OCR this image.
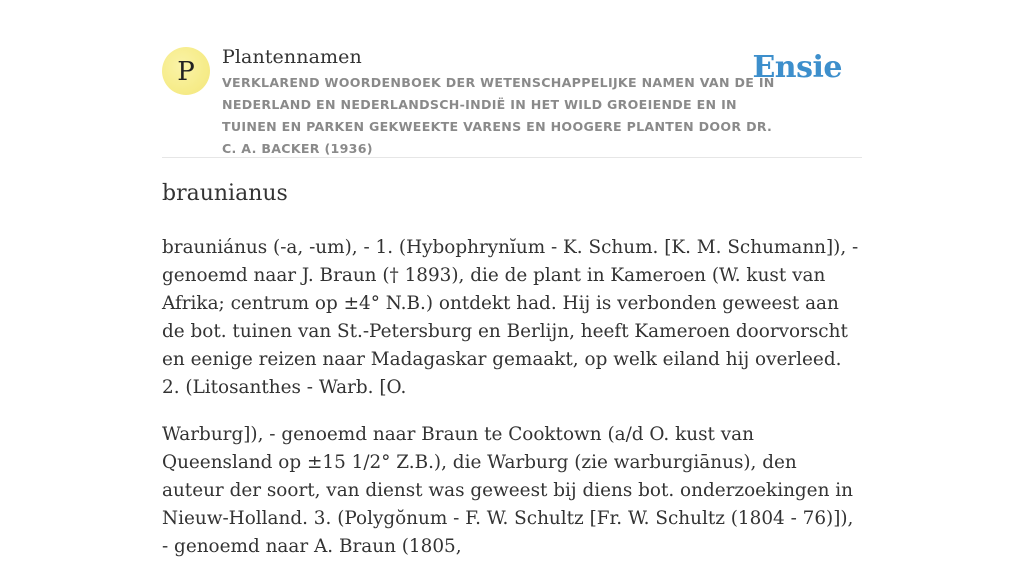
P Plantennamen
VERKLAREND WOORDENBOEK DER WETENSCHAPPELIJKE NAMEN VAN DE IN NEDERLAND EN NEDERLANDSCH-INDIË IN HET WILD GROEIENDE EN IN TUINEN EN PARKEN GEKWEEKTE VARENS EN HOOGERE PLANTEN DOOR DR. C. A. BACKER (1936)
Ensie
braunianus

brauniánus (-a, -um), - 1. (Hybophrynĭum - K. Schum. [K. M. Schumann]), - genoemd naar J. Braun († 1893), die de plant in Kameroen (W. kust van Afrika; centrum op ±4° N.B.) ontdekt had. Hij is verbonden geweest aan de bot. tuinen van St.-Petersburg en Berlijn, heeft Kameroen doorvorscht en eenige reizen naar Madagaskar gemaakt, op welk eiland hij overleed. 2. (Litosanthes - Warb. [O.

Warburg]), - genoemd naar Braun te Cooktown (a/d O. kust van Queensland op ±15 1/2° Z.B.), die Warburg (zie warburgiānus), den auteur der soort, van dienst was geweest bij diens bot. onderzoekingen in Nieuw-Holland. 3. (Polygŏnum - F. W. Schultz [Fr. W. Schultz (1804 - 76)]), - genoemd naar A. Braun (1805,
